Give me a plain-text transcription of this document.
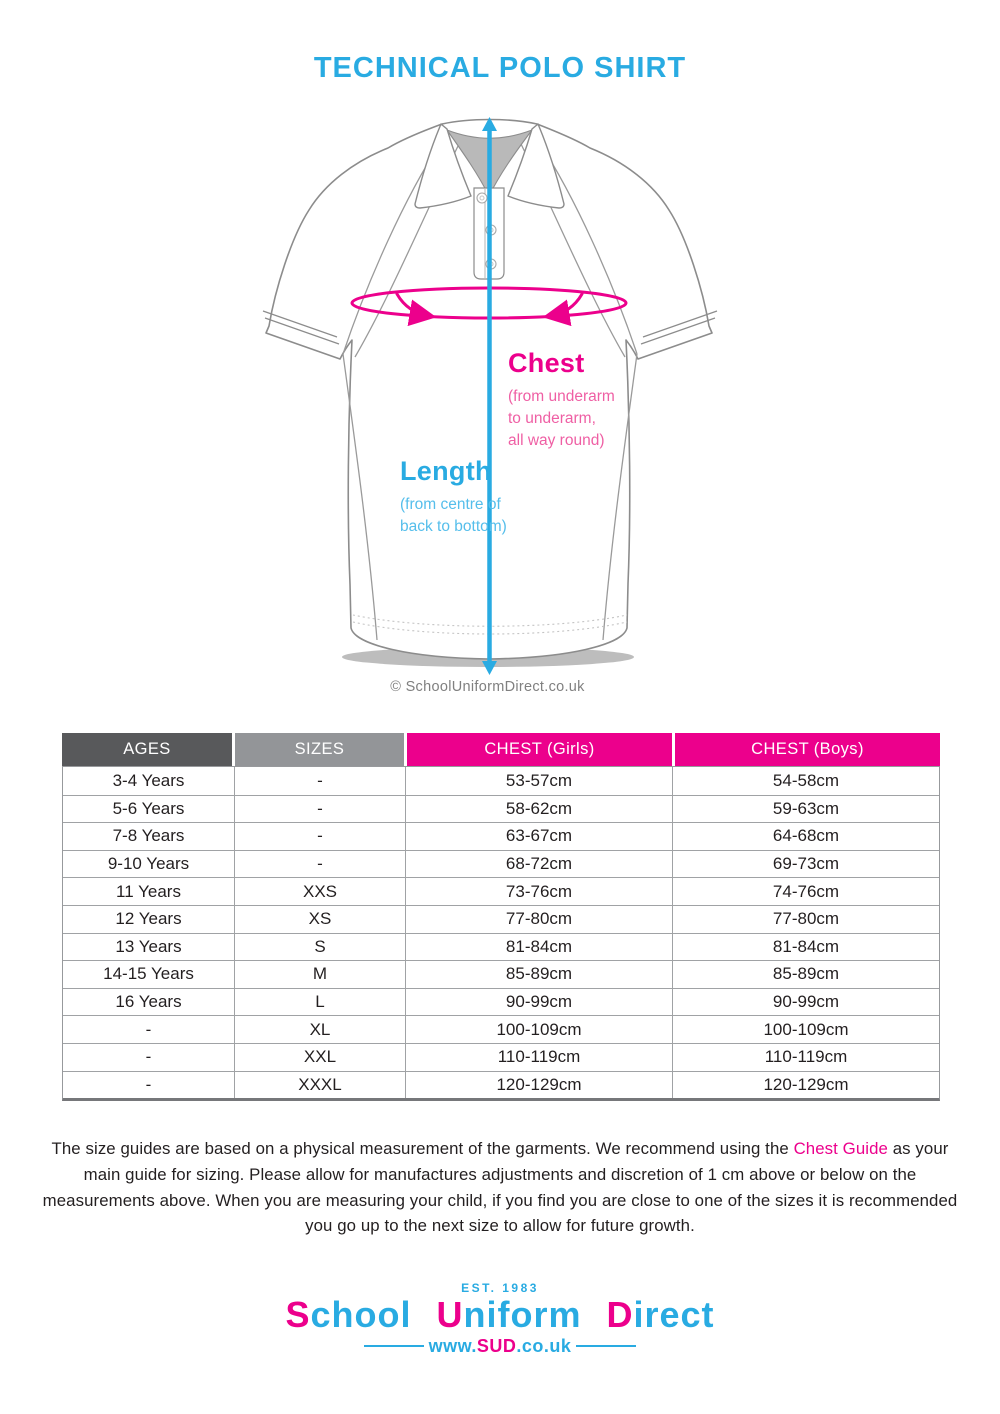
TECHNICAL POLO SHIRT
Chest
(from underarm
to underarm,
all way round)
Length
(from centre of
back to bottom)
© SchoolUniformDirect.co.uk
AGES	SIZES	CHEST (Girls)	CHEST (Boys)
3-4 Years	-	53-57cm	54-58cm
5-6 Years	-	58-62cm	59-63cm
7-8 Years	-	63-67cm	64-68cm
9-10 Years	-	68-72cm	69-73cm
11 Years	XXS	73-76cm	74-76cm
12 Years	XS	77-80cm	77-80cm
13 Years	S	81-84cm	81-84cm
14-15 Years	M	85-89cm	85-89cm
16 Years	L	90-99cm	90-99cm
-	XL	100-109cm	100-109cm
-	XXL	110-119cm	110-119cm
-	XXXL	120-129cm	120-129cm
The size guides are based on a physical measurement of the garments. We recommend using the Chest Guide as your main guide for sizing. Please allow for manufactures adjustments and discretion of 1 cm above or below on the measurements above. When you are measuring your child, if you find you are close to one of the sizes it is recommended you go up to the next size to allow for future growth.
EST. 1983
School Uniform Direct
www.SUD.co.uk
